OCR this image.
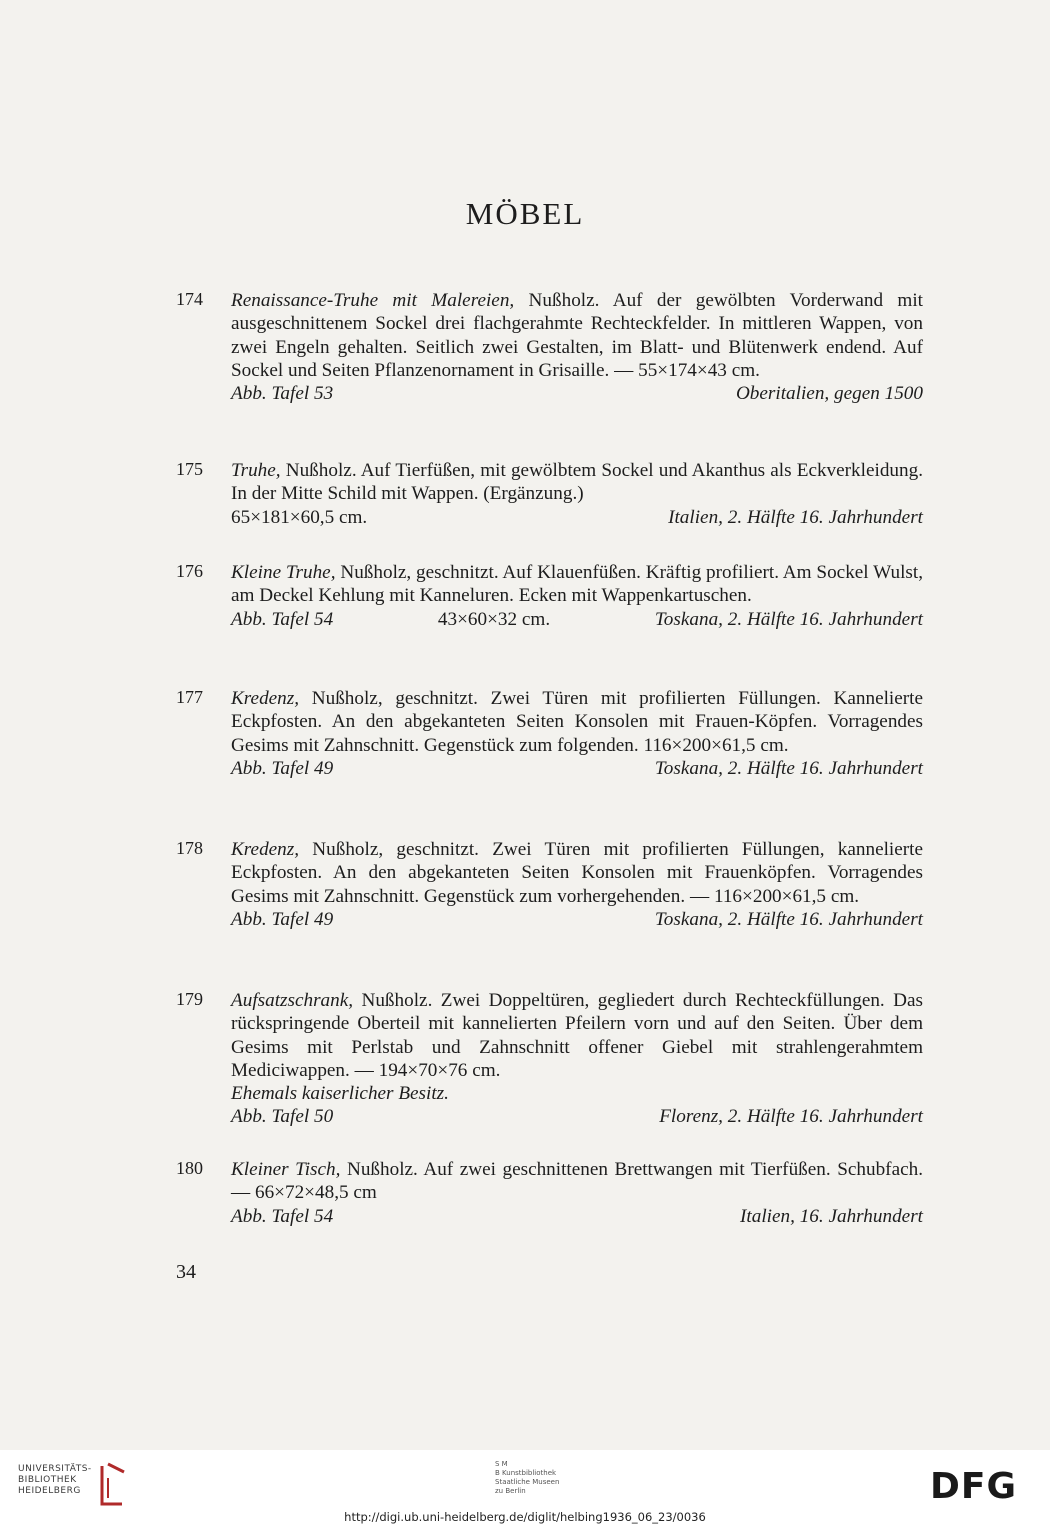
MÖBEL
174 Renaissance-Truhe mit Malereien, Nußholz. Auf der gewölbten Vorderwand mit ausgeschnittenem Sockel drei flachgerahmte Rechteckfelder. In mittleren Wappen, von zwei Engeln gehalten. Seitlich zwei Gestalten, im Blatt- und Blütenwerk endend. Auf Sockel und Seiten Pflanzenornament in Grisaille. — 55×174×43 cm.

Abb. Tafel 53	Oberitalien, gegen 1500
175 Truhe, Nußholz. Auf Tierfüßen, mit gewölbtem Sockel und Akanthus als Eckverkleidung. In der Mitte Schild mit Wappen. (Ergänzung.)

65×181×60,5 cm.	Italien, 2. Hälfte 16. Jahrhundert
176 Kleine Truhe, Nußholz, geschnitzt. Auf Klauenfüßen. Kräftig profiliert. Am Sockel Wulst, am Deckel Kehlung mit Kanneluren. Ecken mit Wappenkartuschen.

Abb. Tafel 54	43×60×32 cm.	Toskana, 2. Hälfte 16. Jahrhundert
177 Kredenz, Nußholz, geschnitzt. Zwei Türen mit profilierten Füllungen. Kannelierte Eckpfosten. An den abgekanteten Seiten Konsolen mit Frauen-Köpfen. Vorragendes Gesims mit Zahnschnitt. Gegenstück zum folgenden. 116×200×61,5 cm.

Abb. Tafel 49	Toskana, 2. Hälfte 16. Jahrhundert
178 Kredenz, Nußholz, geschnitzt. Zwei Türen mit profilierten Füllungen, kannelierte Eckpfosten. An den abgekanteten Seiten Konsolen mit Frauenköpfen. Vorragendes Gesims mit Zahnschnitt. Gegenstück zum vorhergehenden. — 116×200×61,5 cm.

Abb. Tafel 49	Toskana, 2. Hälfte 16. Jahrhundert
179 Aufsatzschrank, Nußholz. Zwei Doppeltüren, gegliedert durch Rechteckfüllungen. Das rückspringende Oberteil mit kannelierten Pfeilern vorn und auf den Seiten. Über dem Gesims mit Perlstab und Zahnschnitt offener Giebel mit strahlengerahmtem Mediciwappen. — 194×70×76 cm.

Ehemals kaiserlicher Besitz.

Abb. Tafel 50	Florenz, 2. Hälfte 16. Jahrhundert
180 Kleiner Tisch, Nußholz. Auf zwei geschnittenen Brettwangen mit Tierfüßen. Schubfach. — 66×72×48,5 cm

Abb. Tafel 54	Italien, 16. Jahrhundert
34
UNIVERSITÄTS-
BIBLIOTHEK
HEIDELBERG
S M
B Kunstbibliothek
Staatliche Museen
zu Berlin	DFG
http://digi.ub.uni-heidelberg.de/diglit/helbing1936_06_23/0036
